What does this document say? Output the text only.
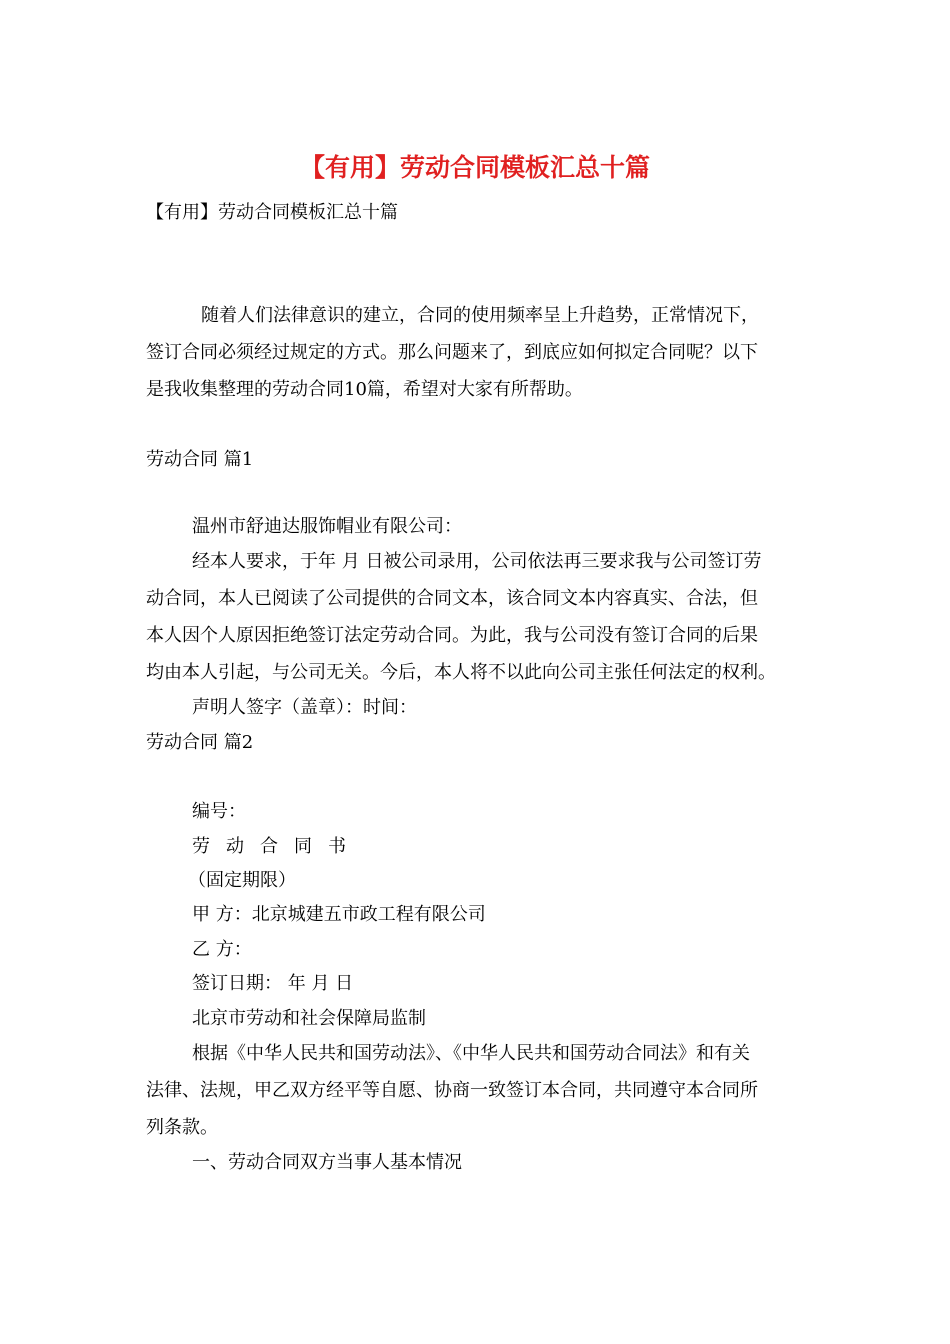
【有用】劳动合同模板汇总十篇

【有用】劳动合同模板汇总十篇

随着人们法律意识的建立，合同的使用频率呈上升趋势，正常情况下，

签订合同必须经过规定的方式。那么问题来了，到底应如何拟定合同呢？以下

是我收集整理的劳动合同10篇，希望对大家有所帮助。

劳动合同 篇1

温州市舒迪达服饰帽业有限公司：

经本人要求，于年 月 日被公司录用，公司依法再三要求我与公司签订劳

动合同，本人已阅读了公司提供的合同文本，该合同文本内容真实、合法，但

本人因个人原因拒绝签订法定劳动合同。为此，我与公司没有签订合同的后果

均由本人引起，与公司无关。今后，本人将不以此向公司主张任何法定的权利。

声明人签字（盖章）：时间：

劳动合同 篇2

编号：

劳动合同书

（固定期限）

甲 方：北京城建五市政工程有限公司

乙 方：

签订日期： 年 月 日

北京市劳动和社会保障局监制

根据《中华人民共和国劳动法》、《中华人民共和国劳动合同法》和有关

法律、法规，甲乙双方经平等自愿、协商一致签订本合同，共同遵守本合同所

列条款。

一、劳动合同双方当事人基本情况
